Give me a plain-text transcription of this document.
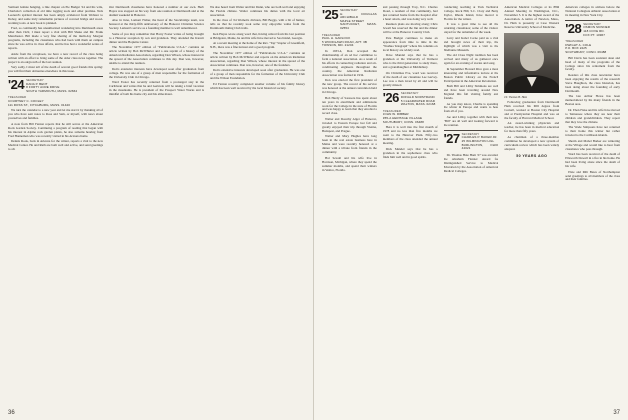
Vermont female hanging, a fine chapter on Pie Budget '24 and his wife, Charlotte's collection of old time logging tools and other promise. Nels Leonard's spirited interest has been amply evidenced from Webster to Dobey, and some truly remarkable pictures of covered bridge and wood-working tools. A new book is planned.

Fred, so continually has unauthorized wandering into Dartmouth areas other than 1922, I must report a visit with Bill Shake and Mr. Frank Manchester. Bill made a very fine sharing of the multi-day Morgan programs, including the classmates who had been with them on campus since he was active in class affairs, and he has had a wonderful series of reports.

Aside from the scrapbook, we have a new record of the class being written with an effort to bring some of the older class news together. The project is an outgrowth of the last reunion.

Very sadly, I must tell of the death of several good friends this spring: you will find their obituaries elsewhere in this issue.

'24 SECRETARY
DANA P. BENT
8 FORTY ACRE DRIVE
SOUTH YARMOUTH, MASS. 02664
TREASURER
COURTNEY C. COOLEY
111 ROSS ST., FITCHBURG, MASS. 01420

We turn the calendar to a new year and let me start it by thanking all of you who have sent notes to Ross and Sam, or myself, with news about yourselves and families.

A note from Bill Fanton reports that he still serves at the American Rock Garden Society. Continuing a program of reading that began with his interest in Alpine rock garden plants, he also remains hearing from Fred Hanneman who was recently visited in his Arizona home.

Dennis Rook, back in Arizona for the winter, reports a visit to the new Medical Center. He and Ruth are both well and active, and send greetings to all.

Our Dartmouth classmates have honored a number of our own. Herb Hayes was stopped on his way from one reunion at Dartmouth and at the alumni weekend in Hanover.

Also in June, Lamont Fisher, the head of the Stockbridge team, was honored at the thirty-fifth anniversary of the Hanover Christian Science Society. Lamont's service as a founding member is well remembered.

Some of you may remember that Harry Foster writes of being brought to a Hanover reception by son and grandson. They attended the Kiewit dinner and the Hopkins Center.

The November 1977 edition of "Publications U.S.A." contains an article written by Bob McWhirter and a one reprint of a history of the American Radiation Association, regarding Don Wilson, whose interest in the spread of the Association continues to this day. Don was, however, unable to attend the reunion.

Don's extensive interests have developed soon after graduation from college. He was one of a group of men responsible for the formation of the University Club in Chicago.

Ward Foster has recently returned from a prolonged stay in the Caribbean and writes that he and Gertrude will be taking a brief vacation in the mountains. He is president of the Prospect Water Works and is mindful of both his home city and his alma mater.

We also heard from Walter and Dot Dunn, who are both well and enjoying the Florida climate. Walter continues his duties with the local art association.

In the class of '24 Women's division, Bill Boggs, with a bit of humor, tells us that he recently took some very enjoyable walks from the Dartmouth Outing Club trails.

Ken Hayes wrote along word that, having retired from his last position at Bridgeton, Maine, he and his wife have moved to Sea Island, Georgia.

At a recent meeting at the home of the Rev. "Tap" Stapler of Greenfield, N.H., there was a fine turnout and a good program.

The November 1977 edition of "Publications U.S.A." contains an article written by Bob McWhirter and reports on the American Radiation Association, regarding Don Wilson, whose interest in the spread of the Association continues. Don was, however, one of the founders.

Don's extensive interests developed soon after graduation. He was one of a group of men responsible for the formation of the University Club and the Wilson Foundation.

Ed Fanton recently completed another volume of his family history which has been well received by the local historical society.

36
'25 SECRETARY
H. DOUGLAS ARCHIBALD
MAPLE STREET
NANTUCKET, MASS. 02554
TREASURER
PAUL H. GARLOCK
5 WOODLAWN ROAD, APT. 3B
TOWSON, MD. 21204

In 1933-4, Don accepted the chairmanship of an ad hoc committee to form a national association. As a result of his efforts in connecting radiation and air-conditioning engineers throughout the country, the American Radiation Association was formed in 1934.

Don was elected the first president of the new group. The record of his service was honored at the annual convention held in Chicago.

Bob Hardy of Sarasota has spent about ten years in enrollment and admissions work for the College in the state of Florida and was happy to learn that they enrolled a record class.

Walter and Dorothy Alger of Hanover, traveled to Eastern Europe last fall and greatly enjoyed their trip through Vienna, Budapest, and Prague.

Walter and Mary Hughes have long been in the real estate business here in Maine and were recently honored at a dinner with a tribute from friends in the community.

Hal Sewall and his wife live in Harrison, Michigan, where they spend the summer months, and spend their winters in Venice, Florida.

and passing through Troy, N.C. Charles Doud, a resident of that community, had just returned home from the hospital after a heart attack, and was doing very well.

Reunion plans are moving along; Chris Jewell has reserved the Inn and the dinner will be at the Hanover Country Club.

Pete Budget continues to make an appearance from time to time in the "Nashua Telegraph" where his columns on local history are widely read.

Dave Mandel says that he has a grandson at the University of Vermont who is the third generation to study there, and a granddaughter at Middlebury.

On Christmas Eve, word was received of the death of our classmate Lee Garvey. Lee was a man loved by all and will be greatly missed.

'26 SECRETARY
DONALD NORSTRAND
5 CLEARWATER ROAD
WALTON, MASS. 02168
TREASURER
JOHN W. RIBBER
955-A HERITAGE VILLAGE
SOUTHBURY, CONN. 06488

Here it is well into the first month of 1978 and no less than five months we went to the Hanover Plain. Fifty-two members of the class attended the annual meeting.

Dick Mandel says that he has a grandson in the sophomore class who finds him well and in good spirits.

conducting teaching at York Technical College, Rock Hill, S.C. Clary and Betty Taylor, Rhode Island, have moved to Florida for the winter.

It was a great time to see all the returning classmates; some of the visitors stayed for the remainder of the week.

Larry and Isabel Corne paid us a visit and brought news of their trip, the highlight of which was a visit to the Shelburne Museum.

The old Class Night tradition has been revived and many of us gathered once again for an evening of stories and song.

In September Howard Rice gave a most interesting and informative lecture at the Boston Public Library on the French Participation in the American Revolution.

Both Bill and Libby Simmons are well and have been traveling around New England this fall visiting family and friends.

As you may know, Charlie is spending the winter in Europe and wants to hear from all of you.

Joe and Libby, together with their new "Bill" are all well and looking forward to the reunion.

'27 SECRETARY
CHARLES P. BAKER JR.
25 WILMINGTON HILL
BURLINGTON, OHIO 44021

Dr. Thomas Hale Ham '27 was awarded the Abraham Flexner Award for Distinguished Service to Medical Education by the Association of American Medical Colleges.

American Medical Colleges at its 88th Annual Meeting in Washington, D.C., November 5. It is the highest award of the Association. A native of Newton, Mass., Dr. Ham is presently at Case Western Reserve University School of Medicine.

Dr. Thomas H. Ham

Following graduation from Dartmouth Ham received his MD degree from Cornell, worked at Boston City Hospital and at Presbyterian Hospital and was on the faculty of Harvard Medical School.

An award-winning physician and teacher, he has been in medical education for more than fifty years.

As chairman of a three-member committee he developed a new system of curriculum review which has been widely adopted.

50 YEARS AGO

American colleges in address before the National Collegiate Athletic Association at its meeting in New York City.

'28 SECRETARY
OSMON SKINNER
118 COVE RD.
FOX PT. 10967
TREASURER
DWIGHT A. COLE
P.O. BOX 2225
SOUTHBURY, CONN. 06488

Bill Davis has been assistant dean and head of many of the programs of the College since his retirement from the faculty.

Readers of this class newsletter have been enjoying the results of the research Steve Haughton, the class historian, has been doing about the founding of early Dartmouth.

The late Arthur Howe has been memorialized by his many friends in the Boston area.

Dr. Eben Fiske and his wife have moved to Tennessee where they are near their children and grandchildren. They report that they love the climate.

The Wade Simpsons have not returned to their home this winter but rather traveled to the Caribbean islands.

Sherm and Mabel Barker are wintering at the Village and would like to hear from classmates who pass through.

Word has been received of the death of Ellsworth Dowell in a fire in his home. He had been living alone since the death of his wife.

Elsie and Milt Bates of Northampton send greetings to all members of the class and their families.

37
